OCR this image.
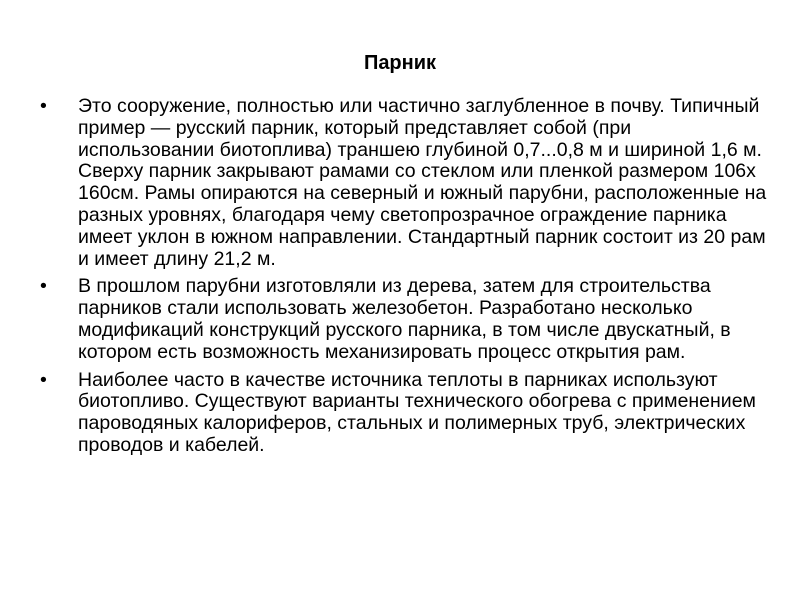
Парник
•	Это сооружение, полностью или частично заглубленное в почву. Типичный пример — русский парник, который представляет собой (при использовании биотоплива) траншею глубиной 0,7...0,8 м и шириной 1,6 м. Сверху парник закрывают рамами со стеклом или пленкой размером 106х 160см. Рамы опираются на северный и южный парубни, расположенные на разных уровнях, благодаря чему светопрозрачное ограждение парника имеет уклон в южном направлении. Стандартный парник состоит из 20 рам и имеет длину 21,2 м.
•	В прошлом парубни изготовляли из дерева, затем для строительства парников стали использовать железобетон. Разработано несколько модификаций конструкций русского парника, в том числе двускатный, в котором есть возможность механизировать процесс открытия рам.
•	Наиболее часто в качестве источника теплоты в парниках используют биотопливо. Существуют варианты технического обогрева с применением пароводяных калориферов, стальных и полимерных труб, электрических проводов и кабелей.
